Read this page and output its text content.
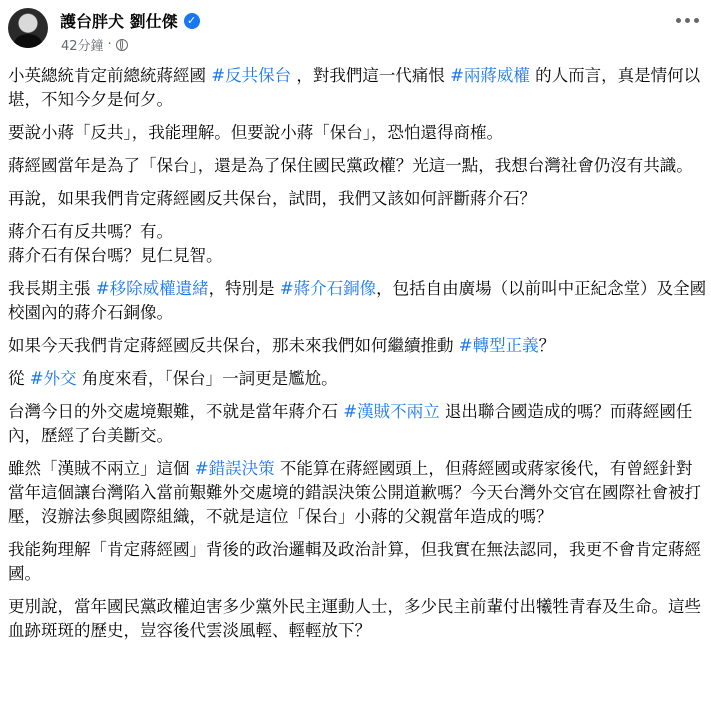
護台胖犬 劉仕傑 ✓
42分鐘 ·

小英總統肯定前總統蔣經國 #反共保台 ，對我們這一代痛恨 #兩蔣威權 的人而言，真是情何以堪，不知今夕是何夕。

要說小蔣「反共」，我能理解。但要說小蔣「保台」，恐怕還得商榷。

蔣經國當年是為了「保台」，還是為了保住國民黨政權？光這一點，我想台灣社會仍沒有共識。

再說，如果我們肯定蔣經國反共保台，試問，我們又該如何評斷蔣介石？

蔣介石有反共嗎？有。
蔣介石有保台嗎？見仁見智。

我長期主張 #移除威權遺緒，特別是 #蔣介石銅像，包括自由廣場（以前叫中正紀念堂）及全國校園內的蔣介石銅像。

如果今天我們肯定蔣經國反共保台，那未來我們如何繼續推動 #轉型正義？

從 #外交 角度來看，「保台」一詞更是尷尬。

台灣今日的外交處境艱難，不就是當年蔣介石 #漢賊不兩立 退出聯合國造成的嗎？而蔣經國任內，歷經了台美斷交。

雖然「漢賊不兩立」這個 #錯誤決策 不能算在蔣經國頭上，但蔣經國或蔣家後代，有曾經針對當年這個讓台灣陷入當前艱難外交處境的錯誤決策公開道歉嗎？今天台灣外交官在國際社會被打壓，沒辦法參與國際組織，不就是這位「保台」小蔣的父親當年造成的嗎？

我能夠理解「肯定蔣經國」背後的政治邏輯及政治計算，但我實在無法認同，我更不會肯定蔣經國。

更別說，當年國民黨政權迫害多少黨外民主運動人士，多少民主前輩付出犧牲青春及生命。這些血跡斑斑的歷史，豈容後代雲淡風輕、輕輕放下？
